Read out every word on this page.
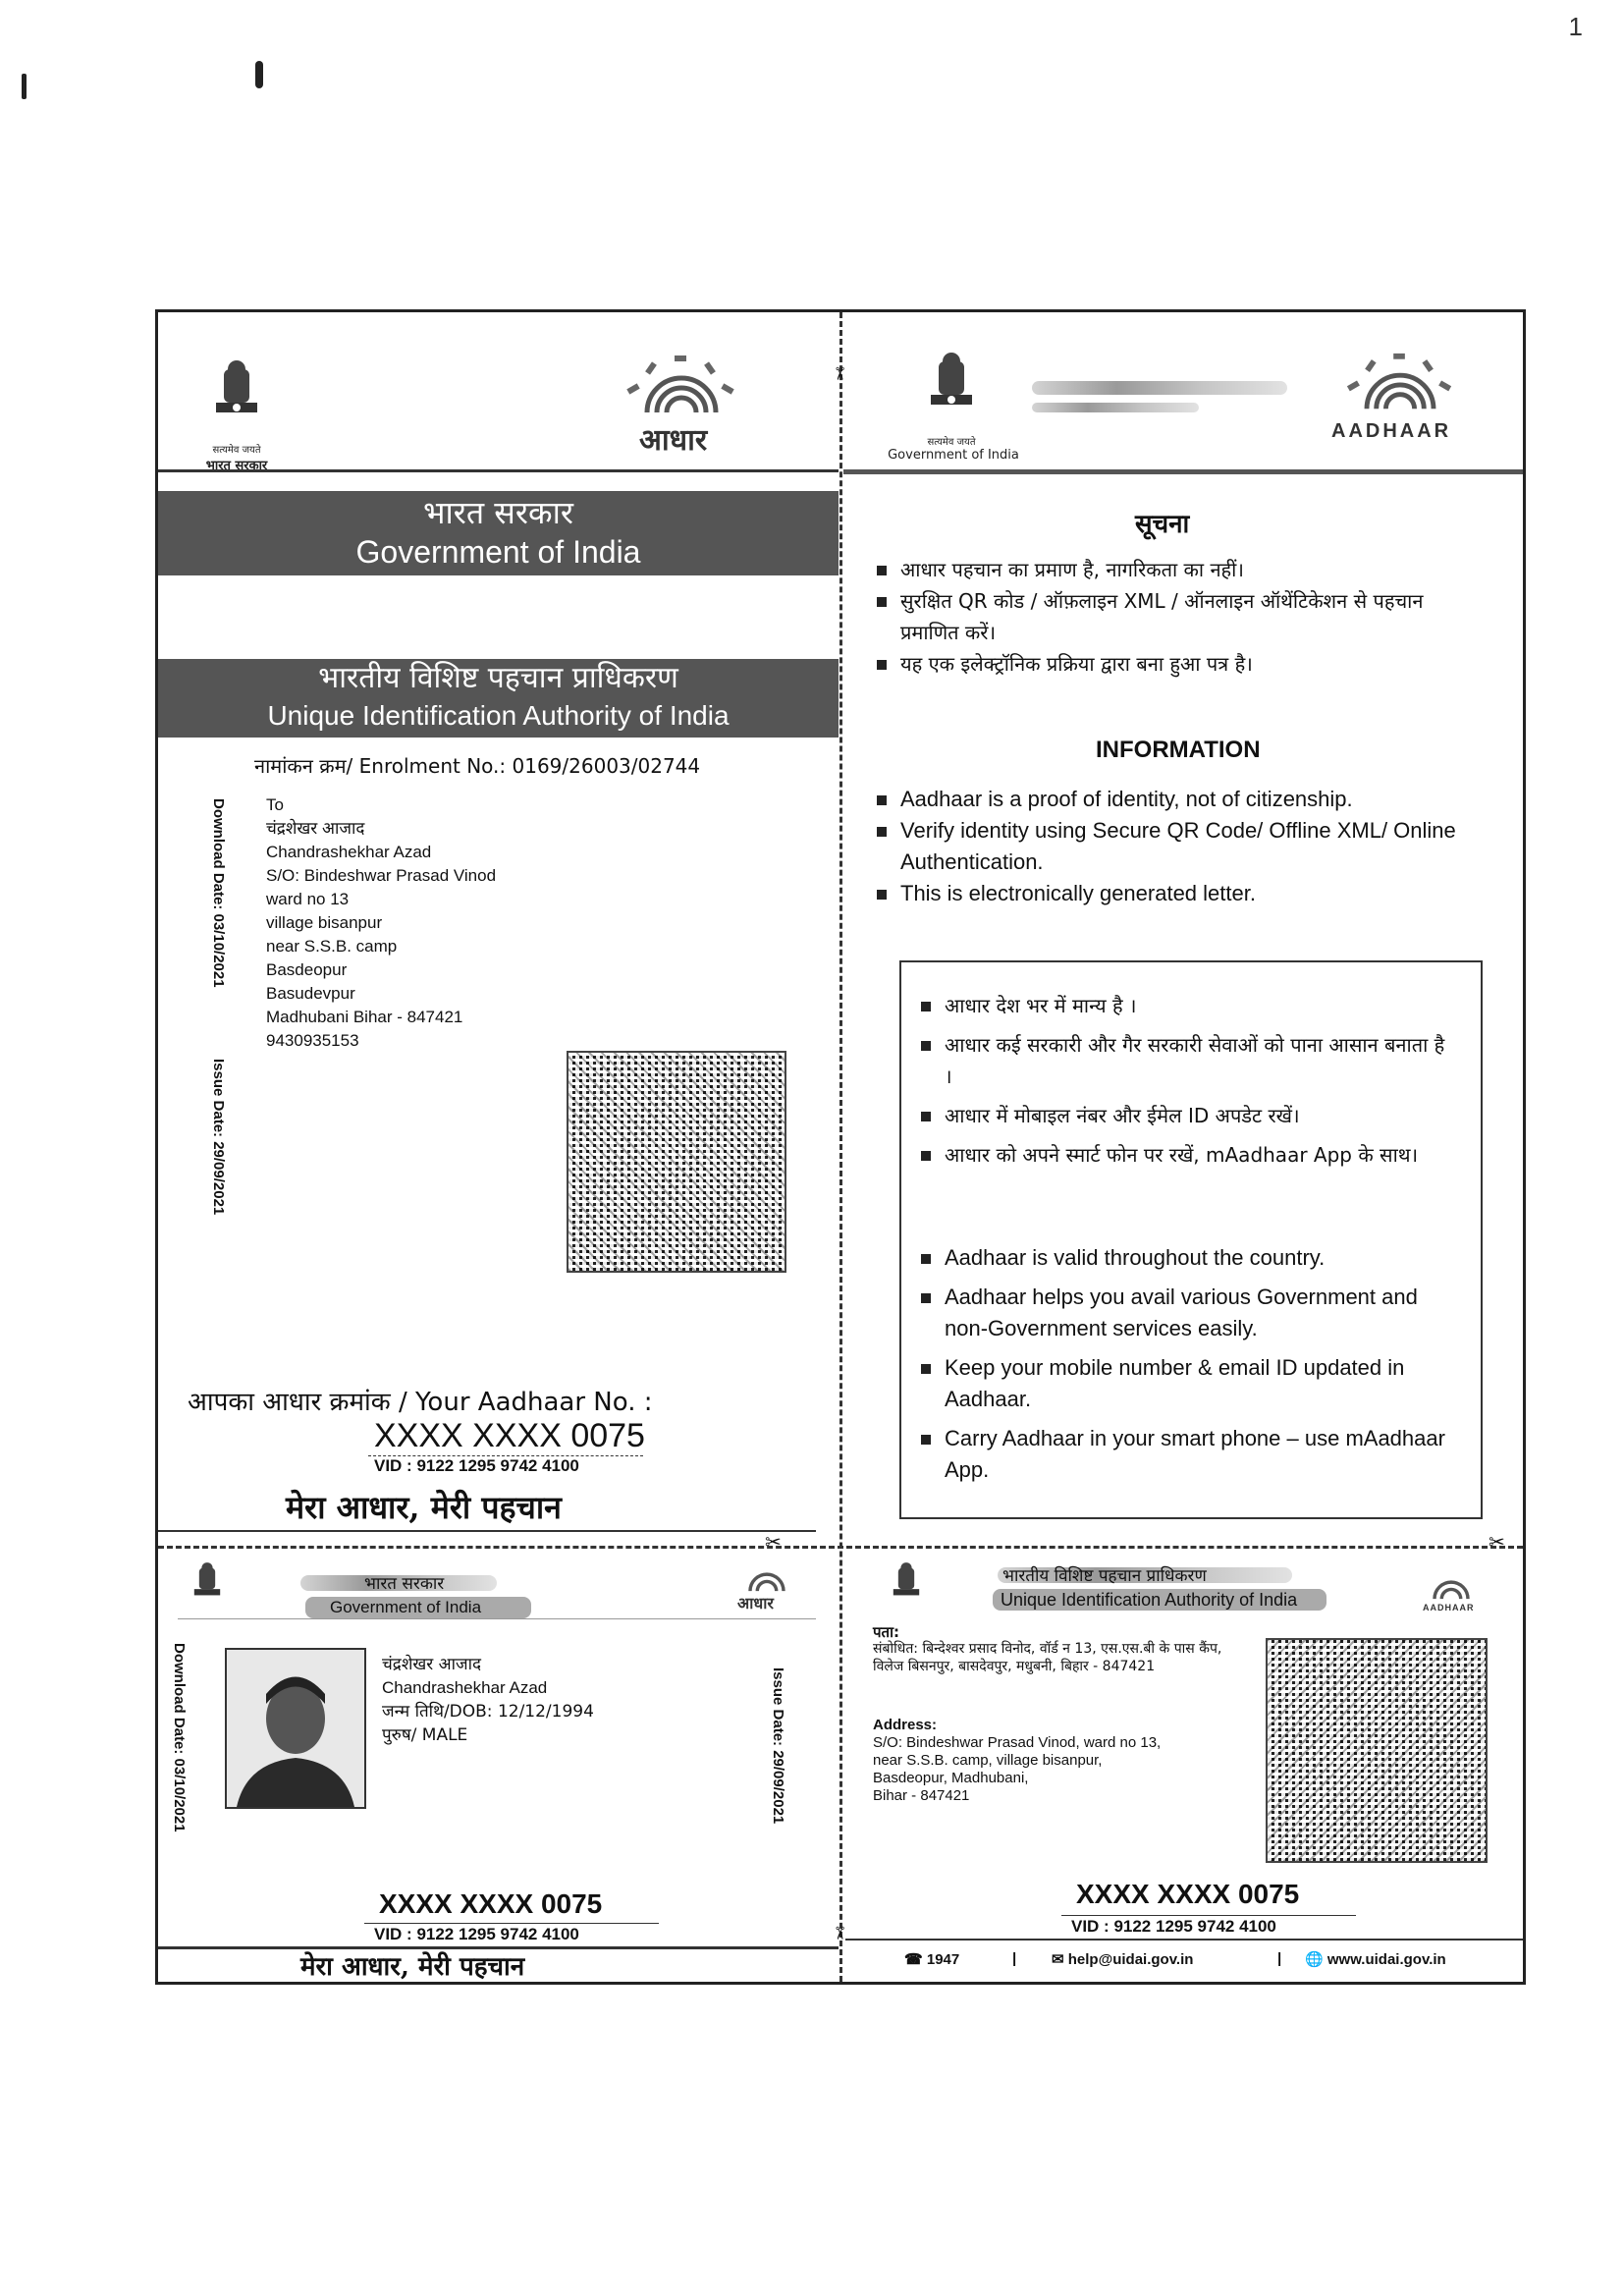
1
✂
✂	✂
✂
सत्यमेव जयते
भारत सरकार
आधार
भारत सरकार
Government of India
भारतीय विशिष्ट पहचान प्राधिकरण
Unique Identification Authority of India
नामांकन क्रम/ Enrolment No.: 0169/26003/02744
Download Date: 03/10/2021
Issue Date: 29/09/2021
To
चंद्रशेखर आजाद
Chandrashekhar Azad
S/O: Bindeshwar Prasad Vinod
ward no 13
village bisanpur
near S.S.B. camp
Basdeopur
Basudevpur
Madhubani Bihar - 847421
9430935153
आपका आधार क्रमांक / Your Aadhaar No. :
XXXX XXXX 0075
VID : 9122 1295 9742 4100
मेरा आधार, मेरी पहचान
सत्यमेव जयते
Government of India
AADHAAR
सूचना
आधार पहचान का प्रमाण है, नागरिकता का नहीं।
सुरक्षित QR कोड / ऑफ़लाइन XML / ऑनलाइन ऑथेंटिकेशन से पहचान प्रमाणित करें।
यह एक इलेक्ट्रॉनिक प्रक्रिया द्वारा बना हुआ पत्र है।
INFORMATION
Aadhaar is a proof of identity, not of citizenship.
Verify identity using Secure QR Code/ Offline XML/ Online Authentication.
This is electronically generated letter.
आधार देश भर में मान्य है ।
आधार कई सरकारी और गैर सरकारी सेवाओं को पाना आसान बनाता है ।
आधार में मोबाइल नंबर और ईमेल ID अपडेट रखें।
आधार को अपने स्मार्ट फोन पर रखें, mAadhaar App के साथ।
Aadhaar is valid throughout the country.
Aadhaar helps you avail various Government and non-Government services easily.
Keep your mobile number & email ID updated in Aadhaar.
Carry Aadhaar in your smart phone – use mAadhaar App.
भारत सरकार
Government of India	आधार
Download Date: 03/10/2021	Issue Date: 29/09/2021
चंद्रशेखर आजाद
Chandrashekhar Azad
जन्म तिथि/DOB: 12/12/1994
पुरुष/ MALE
XXXX XXXX 0075
VID : 9122 1295 9742 4100
मेरा आधार, मेरी पहचान
भारतीय विशिष्ट पहचान प्राधिकरण
Unique Identification Authority of India	AADHAAR
पता:
संबोधित: बिन्देश्वर प्रसाद विनोद, वॉर्ड न 13, एस.एस.बी के पास कैंप, विलेज बिसनपुर, बासदेवपुर, मधुबनी, बिहार - 847421
Address:
S/O: Bindeshwar Prasad Vinod, ward no 13,
near S.S.B. camp, village bisanpur,
Basdeopur, Madhubani,
Bihar - 847421
XXXX XXXX 0075
VID : 9122 1295 9742 4100
☎ 1947	| ✉ help@uidai.gov.in	| 🌐 www.uidai.gov.in
